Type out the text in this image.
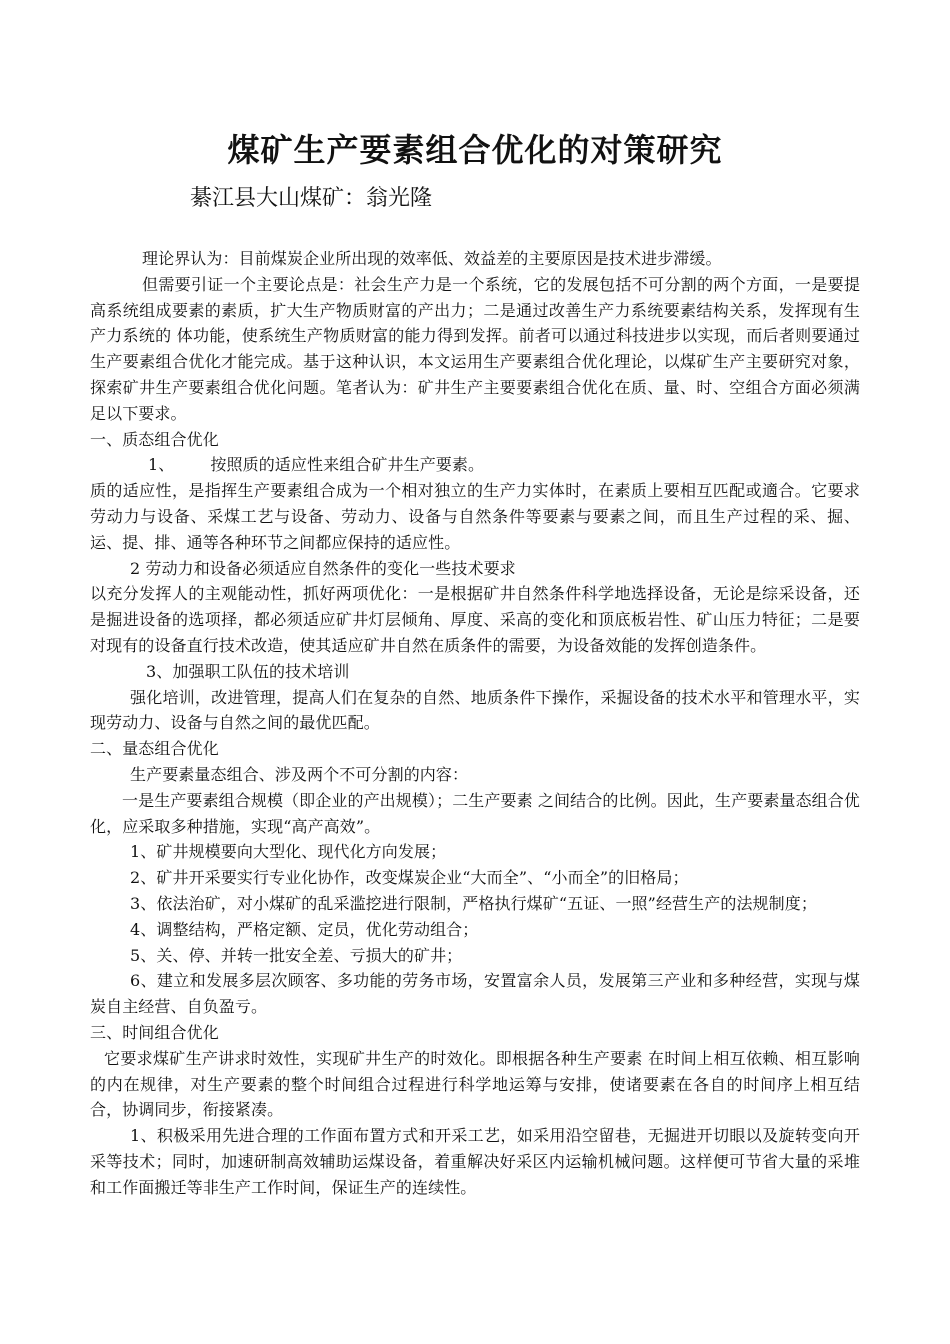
煤矿生产要素组合优化的对策研究
綦江县大山煤矿：翁光隆

理论界认为：目前煤炭企业所出现的效率低、效益差的主要原因是技术进步滞缓。

但需要引证一个主要论点是：社会生产力是一个系统，它的发展包括不可分割的两个方面，一是要提高系统组成要素的素质，扩大生产物质财富的产出力；二是通过改善生产力系统要素结构关系，发挥现有生产力系统的 体功能，使系统生产物质财富的能力得到发挥。前者可以通过科技进步以实现，而后者则要通过生产要素组合优化才能完成。基于这种认识，本文运用生产要素组合优化理论，以煤矿生产主要研究对象，探索矿井生产要素组合优化问题。笔者认为：矿井生产主要要素组合优化在质、量、时、空组合方面必须满足以下要求。

一、质态组合优化

1、 按照质的适应性来组合矿井生产要素。

质的适应性，是指挥生产要素组合成为一个相对独立的生产力实体时，在素质上要相互匹配或適合。它要求劳动力与设备、采煤工艺与设备、劳动力、设备与自然条件等要素与要素之间，而且生产过程的采、掘、运、提、排、通等各种环节之间都应保持的适应性。

2 劳动力和设备必须适应自然条件的变化一些技术要求

以充分发挥人的主观能动性，抓好两项优化：一是根据矿井自然条件科学地选择设备，无论是综采设备，还是掘进设备的选项择，都必须适应矿井灯层倾角、厚度、采高的变化和顶底板岩性、矿山压力特征；二是要对现有的设备直行技术改造，使其适应矿井自然在质条件的需要，为设备效能的发挥创造条件。

3、加强职工队伍的技术培训

强化培训，改进管理，提高人们在复杂的自然、地质条件下操作，采掘设备的技术水平和管理水平，实现劳动力、设备与自然之间的最优匹配。

二、量态组合优化

生产要素量态组合、涉及两个不可分割的内容：

一是生产要素组合规模（即企业的产出规模）；二生产要素 之间结合的比例。因此，生产要素量态组合优化，应采取多种措施，实现“高产高效”。

1、矿井规模要向大型化、现代化方向发展；

2、矿井开采要实行专业化协作，改变煤炭企业“大而全”、“小而全”的旧格局；

3、依法治矿，对小煤矿的乱采滥挖进行限制，严格执行煤矿“五证、一照”经营生产的法规制度；

4、调整结构，严格定额、定员，优化劳动组合；

5、关、停、并转一批安全差、亏损大的矿井；

6、建立和发展多层次顾客、多功能的劳务市场，安置富余人员，发展第三产业和多种经营，实现与煤炭自主经营、自负盈亏。

三、时间组合优化

它要求煤矿生产讲求时效性，实现矿井生产的时效化。即根据各种生产要素 在时间上相互依赖、相互影响的内在规律，对生产要素的整个时间组合过程进行科学地运筹与安排，使诸要素在各自的时间序上相互结合，协调同步，衔接紧凑。

1、积极采用先进合理的工作面布置方式和开采工艺，如采用沿空留巷，无掘进开切眼以及旋转变向开采等技术；同时，加速研制高效辅助运煤设备，着重解决好采区内运输机械问题。这样便可节省大量的采堆和工作面搬迁等非生产工作时间，保证生产的连续性。
